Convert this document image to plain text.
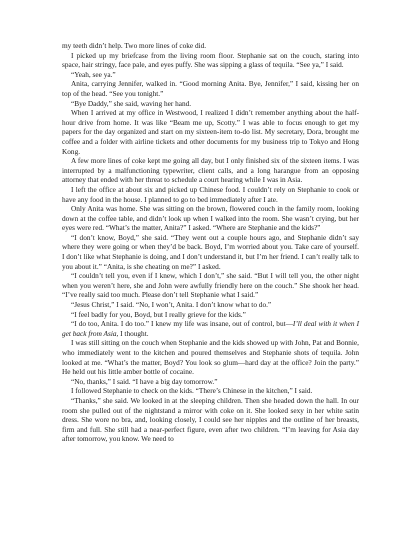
my teeth didn’t help. Two more lines of coke did.

I picked up my briefcase from the living room floor. Stephanie sat on the couch, staring into space, hair stringy, face pale, and eyes puffy. She was sipping a glass of tequila. “See ya,” I said.

“Yeah, see ya.”

Anita, carrying Jennifer, walked in. “Good morning Anita. Bye, Jennifer,” I said, kissing her on top of the head. “See you tonight.”

“Bye Daddy,” she said, waving her hand.

When I arrived at my office in Westwood, I realized I didn’t remember anything about the half-hour drive from home. It was like “Beam me up, Scotty.” I was able to focus enough to get my papers for the day organized and start on my sixteen-item to-do list. My secretary, Dora, brought me coffee and a folder with airline tickets and other documents for my business trip to Tokyo and Hong Kong.

A few more lines of coke kept me going all day, but I only finished six of the sixteen items. I was interrupted by a malfunctioning typewriter, client calls, and a long harangue from an opposing attorney that ended with her threat to schedule a court hearing while I was in Asia.

I left the office at about six and picked up Chinese food. I couldn’t rely on Stephanie to cook or have any food in the house. I planned to go to bed immediately after I ate.

Only Anita was home. She was sitting on the brown, flowered couch in the family room, looking down at the coffee table, and didn’t look up when I walked into the room. She wasn’t crying, but her eyes were red. “What’s the matter, Anita?” I asked. “Where are Stephanie and the kids?”

“I don’t know, Boyd,” she said. “They went out a couple hours ago, and Stephanie didn’t say where they were going or when they’d be back. Boyd, I’m worried about you. Take care of yourself. I don’t like what Stephanie is doing, and I don’t understand it, but I’m her friend. I can’t really talk to you about it.” “Anita, is she cheating on me?” I asked.

“I couldn’t tell you, even if I knew, which I don’t,” she said. “But I will tell you, the other night when you weren’t here, she and John were awfully friendly here on the couch.” She shook her head. “I’ve really said too much. Please don’t tell Stephanie what I said.”

“Jesus Christ,” I said. “No, I won’t, Anita. I don’t know what to do.”

“I feel badly for you, Boyd, but I really grieve for the kids.”

“I do too, Anita. I do too.” I knew my life was insane, out of control, but—I’ll deal with it when I get back from Asia, I thought.

I was still sitting on the couch when Stephanie and the kids showed up with John, Pat and Bonnie, who immediately went to the kitchen and poured themselves and Stephanie shots of tequila. John looked at me. “What’s the matter, Boyd? You look so glum—hard day at the office? Join the party.” He held out his little amber bottle of cocaine.

“No, thanks,” I said. “I have a big day tomorrow.”

I followed Stephanie to check on the kids. “There’s Chinese in the kitchen,” I said.

“Thanks,” she said. We looked in at the sleeping children. Then she headed down the hall. In our room she pulled out of the nightstand a mirror with coke on it. She looked sexy in her white satin dress. She wore no bra, and, looking closely, I could see her nipples and the outline of her breasts, firm and full. She still had a near-perfect figure, even after two children. “I’m leaving for Asia day after tomorrow, you know. We need to
